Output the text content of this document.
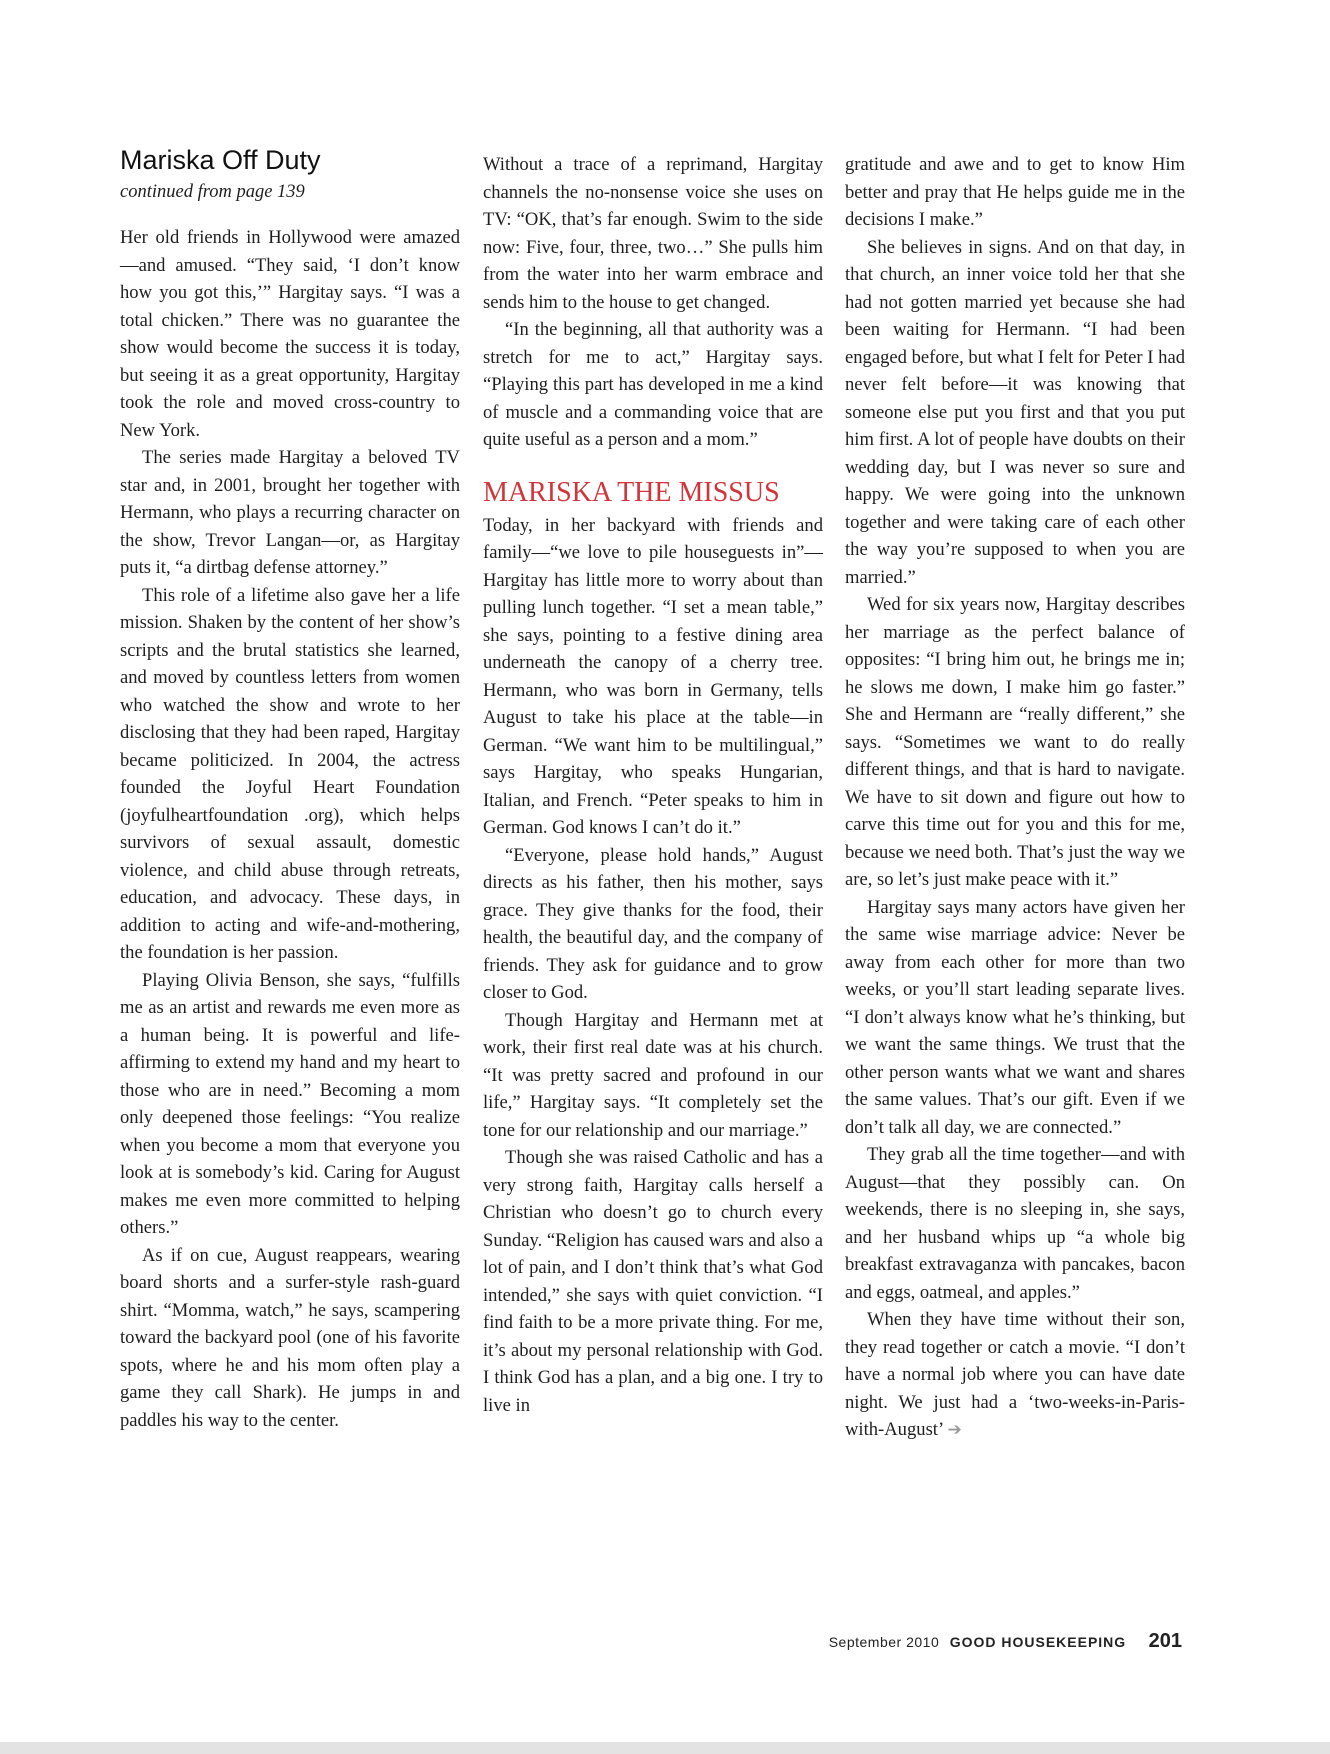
Mariska Off Duty
continued from page 139

Her old friends in Hollywood were amazed—and amused. “They said, ‘I don’t know how you got this,’” Hargitay says. “I was a total chicken.” There was no guarantee the show would become the success it is today, but seeing it as a great opportunity, Hargitay took the role and moved cross-country to New York.

The series made Hargitay a beloved TV star and, in 2001, brought her together with Hermann, who plays a recurring character on the show, Trevor Langan—or, as Hargitay puts it, “a dirtbag defense attorney.”

This role of a lifetime also gave her a life mission. Shaken by the content of her show’s scripts and the brutal statistics she learned, and moved by countless letters from women who watched the show and wrote to her disclosing that they had been raped, Hargitay became politicized. In 2004, the actress founded the Joyful Heart Foundation (joyfulheartfoundation .org), which helps survivors of sexual assault, domestic violence, and child abuse through retreats, education, and advocacy. These days, in addition to acting and wife-and-mothering, the foundation is her passion.

Playing Olivia Benson, she says, “fulfills me as an artist and rewards me even more as a human being. It is powerful and life-affirming to extend my hand and my heart to those who are in need.” Becoming a mom only deepened those feelings: “You realize when you become a mom that everyone you look at is somebody’s kid. Caring for August makes me even more committed to helping others.”

As if on cue, August reappears, wearing board shorts and a surfer-style rash-guard shirt. “Momma, watch,” he says, scampering toward the backyard pool (one of his favorite spots, where he and his mom often play a game they call Shark). He jumps in and paddles his way to the center.

Without a trace of a reprimand, Hargitay channels the no-nonsense voice she uses on TV: “OK, that’s far enough. Swim to the side now: Five, four, three, two…” She pulls him from the water into her warm embrace and sends him to the house to get changed.

“In the beginning, all that authority was a stretch for me to act,” Hargitay says. “Playing this part has developed in me a kind of muscle and a commanding voice that are quite useful as a person and a mom.”

MARISKA THE MISSUS

Today, in her backyard with friends and family—“we love to pile houseguests in”—Hargitay has little more to worry about than pulling lunch together. “I set a mean table,” she says, pointing to a festive dining area underneath the canopy of a cherry tree. Hermann, who was born in Germany, tells August to take his place at the table—in German. “We want him to be multilingual,” says Hargitay, who speaks Hungarian, Italian, and French. “Peter speaks to him in German. God knows I can’t do it.”

“Everyone, please hold hands,” August directs as his father, then his mother, says grace. They give thanks for the food, their health, the beautiful day, and the company of friends. They ask for guidance and to grow closer to God.

Though Hargitay and Hermann met at work, their first real date was at his church. “It was pretty sacred and profound in our life,” Hargitay says. “It completely set the tone for our relationship and our marriage.”

Though she was raised Catholic and has a very strong faith, Hargitay calls herself a Christian who doesn’t go to church every Sunday. “Religion has caused wars and also a lot of pain, and I don’t think that’s what God intended,” she says with quiet conviction. “I find faith to be a more private thing. For me, it’s about my personal relationship with God. I think God has a plan, and a big one. I try to live in

gratitude and awe and to get to know Him better and pray that He helps guide me in the decisions I make.”

She believes in signs. And on that day, in that church, an inner voice told her that she had not gotten married yet because she had been waiting for Hermann. “I had been engaged before, but what I felt for Peter I had never felt before—it was knowing that someone else put you first and that you put him first. A lot of people have doubts on their wedding day, but I was never so sure and happy. We were going into the unknown together and were taking care of each other the way you’re supposed to when you are married.”

Wed for six years now, Hargitay describes her marriage as the perfect balance of opposites: “I bring him out, he brings me in; he slows me down, I make him go faster.” She and Hermann are “really different,” she says. “Sometimes we want to do really different things, and that is hard to navigate. We have to sit down and figure out how to carve this time out for you and this for me, because we need both. That’s just the way we are, so let’s just make peace with it.”

Hargitay says many actors have given her the same wise marriage advice: Never be away from each other for more than two weeks, or you’ll start leading separate lives. “I don’t always know what he’s thinking, but we want the same things. We trust that the other person wants what we want and shares the same values. That’s our gift. Even if we don’t talk all day, we are connected.”

They grab all the time together—and with August—that they possibly can. On weekends, there is no sleeping in, she says, and her husband whips up “a whole big breakfast extravaganza with pancakes, bacon and eggs, oatmeal, and apples.”

When they have time without their son, they read together or catch a movie. “I don’t have a normal job where you can have date night. We just had a ‘two-weeks-in-Paris-with-August’ ➔

September 2010 GOOD HOUSEKEEPING 201
